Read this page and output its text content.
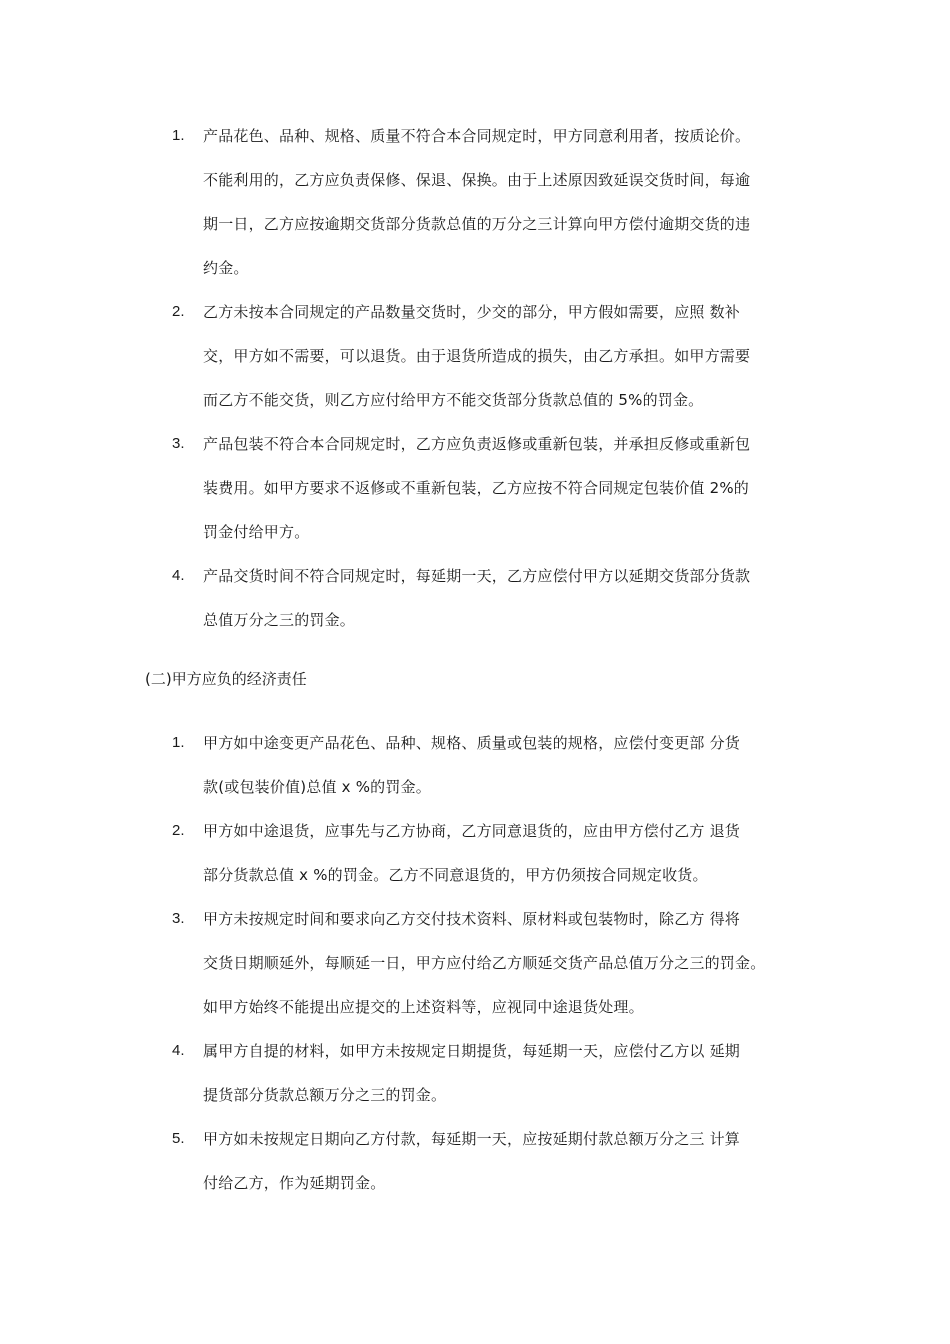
1. 产品花色、品种、规格、质量不符合本合同规定时，甲方同意利用者，按质论价。
不能利用的，乙方应负责保修、保退、保换。由于上述原因致延误交货时间，每逾
期一日，乙方应按逾期交货部分货款总值的万分之三计算向甲方偿付逾期交货的违
约金。
2. 乙方未按本合同规定的产品数量交货时，少交的部分，甲方假如需要，应照 数补
交，甲方如不需要，可以退货。由于退货所造成的损失，由乙方承担。如甲方需要
而乙方不能交货，则乙方应付给甲方不能交货部分货款总值的 5%的罚金。
3. 产品包装不符合本合同规定时，乙方应负责返修或重新包装，并承担反修或重新包
装费用。如甲方要求不返修或不重新包装，乙方应按不符合同规定包装价值 2%的
罚金付给甲方。
4. 产品交货时间不符合同规定时，每延期一天，乙方应偿付甲方以延期交货部分货款
总值万分之三的罚金。
(二)甲方应负的经济责任
1. 甲方如中途变更产品花色、品种、规格、质量或包装的规格，应偿付变更部 分货
款(或包装价值)总值 x %的罚金。
2. 甲方如中途退货，应事先与乙方协商，乙方同意退货的，应由甲方偿付乙方 退货
部分货款总值 x %的罚金。乙方不同意退货的，甲方仍须按合同规定收货。
3. 甲方未按规定时间和要求向乙方交付技术资料、原材料或包装物时，除乙方 得将
交货日期顺延外，每顺延一日，甲方应付给乙方顺延交货产品总值万分之三的罚金。
如甲方始终不能提出应提交的上述资料等，应视同中途退货处理。
4. 属甲方自提的材料，如甲方未按规定日期提货，每延期一天，应偿付乙方以 延期
提货部分货款总额万分之三的罚金。
5. 甲方如未按规定日期向乙方付款，每延期一天，应按延期付款总额万分之三 计算
付给乙方，作为延期罚金。
